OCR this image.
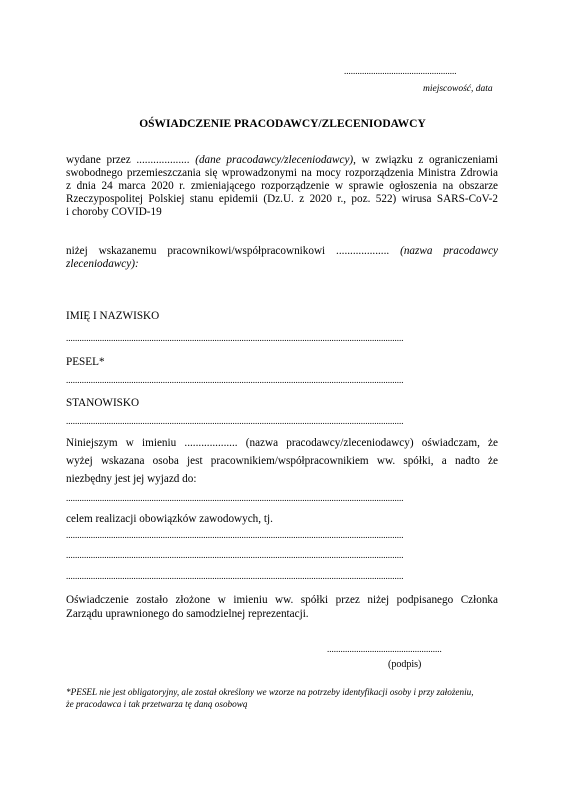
..................................................
miejscowość, data
OŚWIADCZENIE PRACODAWCY/ZLECENIODAWCY
wydane przez ................... (dane pracodawcy/zleceniodawcy), w związku z ograniczeniami
swobodnego przemieszczania się wprowadzonymi na mocy rozporządzenia Ministra Zdrowia
z dnia 24 marca 2020 r. zmieniającego rozporządzenie w sprawie ogłoszenia na obszarze
Rzeczypospolitej Polskiej stanu epidemii (Dz.U. z 2020 r., poz. 522) wirusa SARS-CoV-2
i choroby COVID-19
niżej wskazanemu pracownikowi/współpracownikowi ................... (nazwa pracodawcy
zleceniodawcy):
IMIĘ I NAZWISKO
......................................................................................................................................................
PESEL*
......................................................................................................................................................
STANOWISKO
......................................................................................................................................................
Niniejszym w imieniu ................... (nazwa pracodawcy/zleceniodawcy) oświadczam, że
wyżej wskazana osoba jest pracownikiem/współpracownikiem ww. spółki, a nadto że
niezbędny jest jej wyjazd do:
......................................................................................................................................................
celem realizacji obowiązków zawodowych, tj.
......................................................................................................................................................
......................................................................................................................................................
......................................................................................................................................................
Oświadczenie zostało złożone w imieniu ww. spółki przez niżej podpisanego Członka
Zarządu uprawnionego do samodzielnej reprezentacji.
...................................................
(podpis)
*PESEL nie jest obligatoryjny, ale został określony we wzorze na potrzeby identyfikacji osoby i przy założeniu,
że pracodawca i tak przetwarza tę daną osobową
